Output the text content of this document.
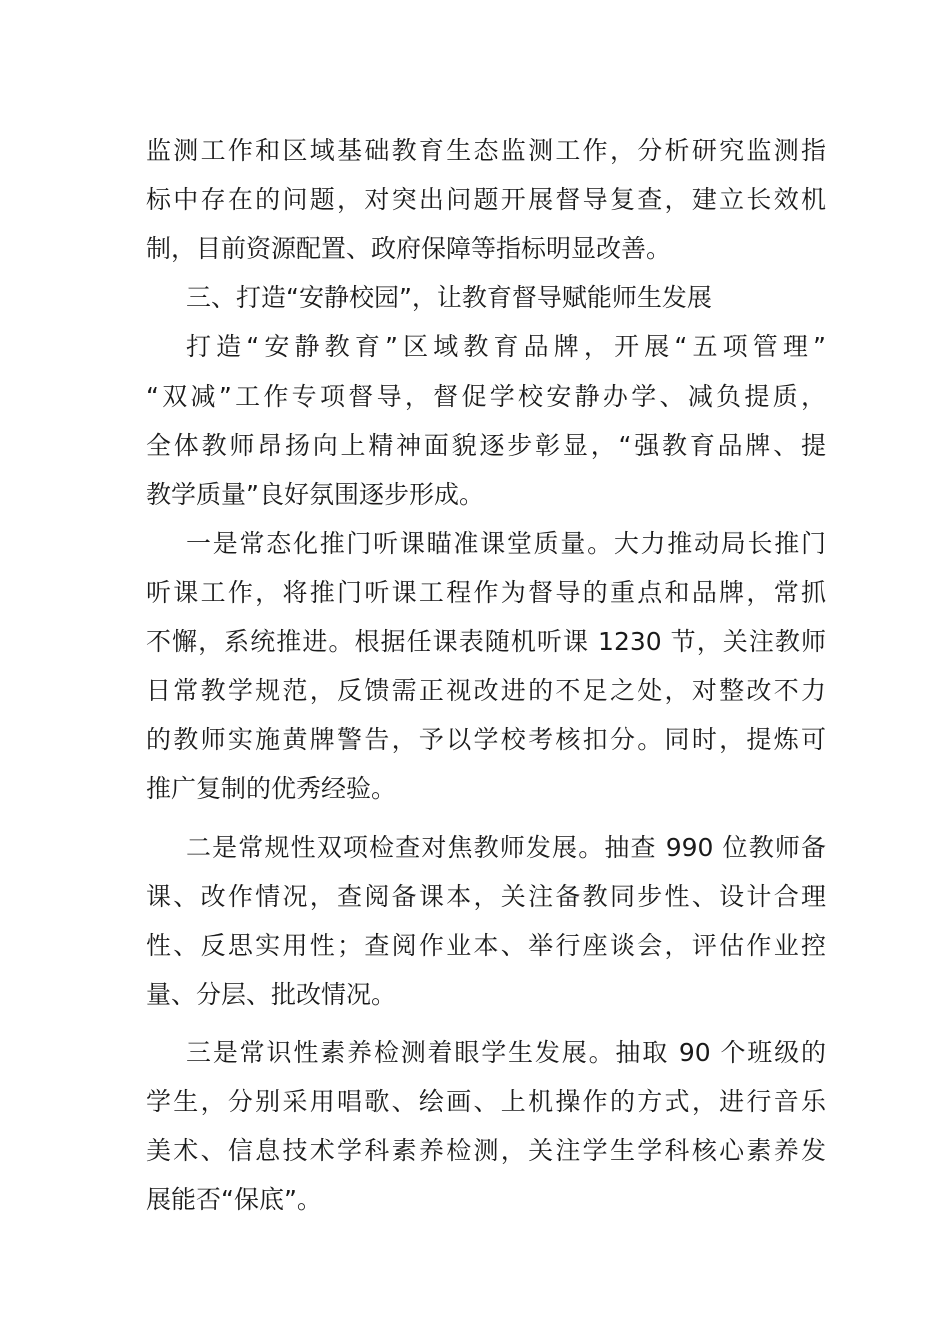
监测工作和区域基础教育生态监测工作，分析研究监测指

标中存在的问题，对突出问题开展督导复查，建立长效机

制，目前资源配置、政府保障等指标明显改善。

三、打造“安静校园”，让教育督导赋能师生发展

打造“安静教育”区域教育品牌，开展“五项管理”

“双减”工作专项督导，督促学校安静办学、减负提质，

全体教师昂扬向上精神面貌逐步彰显，“强教育品牌、提

教学质量”良好氛围逐步形成。

一是常态化推门听课瞄准课堂质量。大力推动局长推门

听课工作，将推门听课工程作为督导的重点和品牌，常抓

不懈，系统推进。根据任课表随机听课 1230 节，关注教师

日常教学规范，反馈需正视改进的不足之处，对整改不力

的教师实施黄牌警告，予以学校考核扣分。同时，提炼可

推广复制的优秀经验。

二是常规性双项检查对焦教师发展。抽查 990 位教师备

课、改作情况，查阅备课本，关注备教同步性、设计合理

性、反思实用性；查阅作业本、举行座谈会，评估作业控

量、分层、批改情况。

三是常识性素养检测着眼学生发展。抽取 90 个班级的

学生，分别采用唱歌、绘画、上机操作的方式，进行音乐

美术、信息技术学科素养检测，关注学生学科核心素养发

展能否“保底”。
